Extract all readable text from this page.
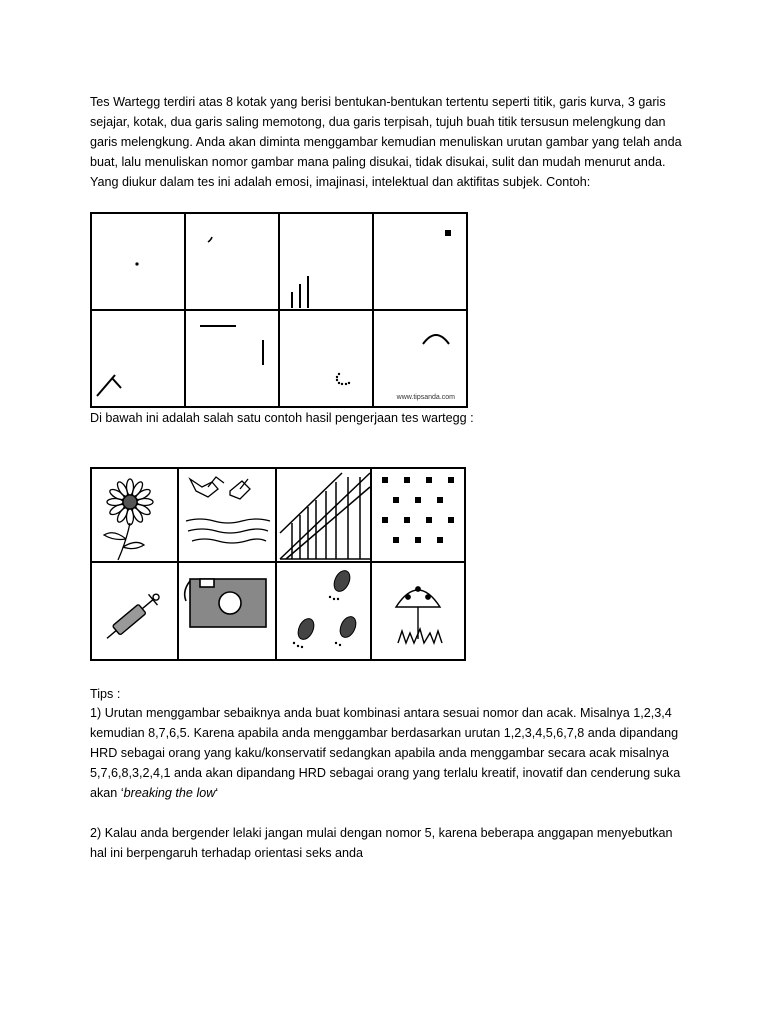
Tes Wartegg terdiri atas 8 kotak yang berisi bentukan-bentukan tertentu seperti titik, garis kurva, 3 garis sejajar, kotak, dua garis saling memotong, dua garis terpisah, tujuh buah titik tersusun melengkung dan garis melengkung. Anda akan diminta menggambar kemudian menuliskan urutan gambar yang telah anda buat, lalu menuliskan nomor gambar mana paling disukai, tidak disukai, sulit dan mudah menurut anda. Yang diukur dalam tes ini adalah emosi, imajinasi, intelektual dan aktifitas subjek. Contoh:

www.tipsanda.com

Di bawah ini adalah salah satu contoh hasil pengerjaan tes wartegg :

Tips :

1) Urutan menggambar sebaiknya anda buat kombinasi antara sesuai nomor dan acak. Misalnya 1,2,3,4 kemudian 8,7,6,5. Karena apabila anda menggambar berdasarkan urutan 1,2,3,4,5,6,7,8 anda dipandang HRD sebagai orang yang kaku/konservatif sedangkan apabila anda menggambar secara acak misalnya 5,7,6,8,3,2,4,1 anda akan dipandang HRD sebagai orang yang terlalu kreatif, inovatif dan cenderung suka akan ‘breaking the low‘

2) Kalau anda bergender lelaki jangan mulai dengan nomor 5, karena beberapa anggapan menyebutkan hal ini berpengaruh terhadap orientasi seks anda
